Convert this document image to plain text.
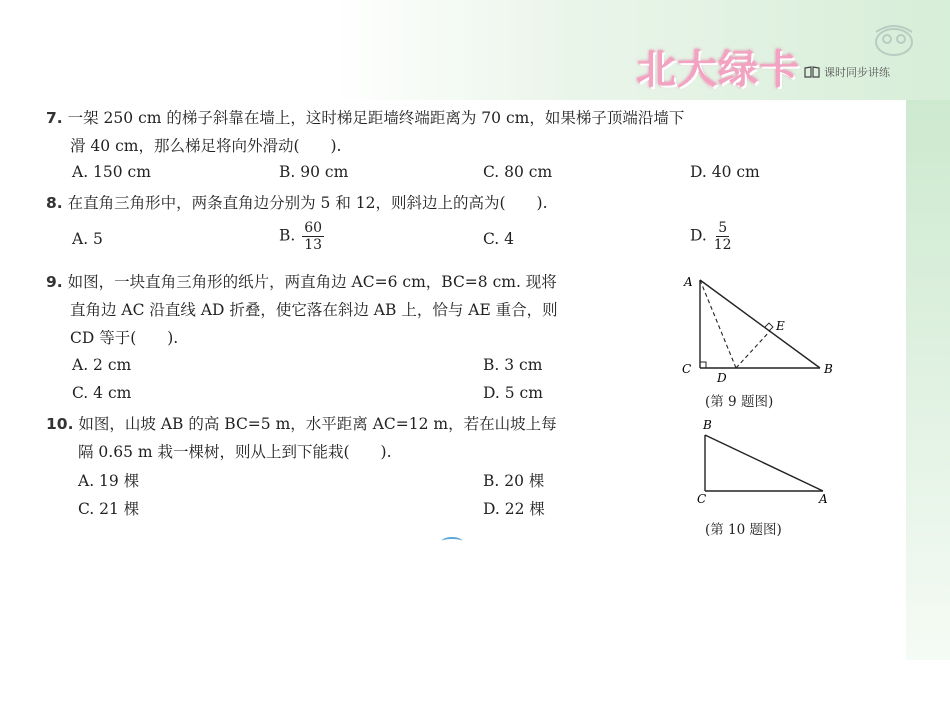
北大绿卡 课时同步讲练
7. 一架 250 cm 的梯子斜靠在墙上，这时梯足距墙终端距离为 70 cm，如果梯子顶端沿墙下
滑 40 cm，那么梯足将向外滑动(　　).
A. 150 cm	B. 90 cm	C. 80 cm	D. 40 cm
8. 在直角三角形中，两条直角边分别为 5 和 12，则斜边上的高为(　　).
A. 5	B. $\frac{60}{13}$	C. 4	D. $\frac{5}{12}$
9. 如图，一块直角三角形的纸片，两直角边 AC=6 cm，BC=8 cm. 现将
直角边 AC 沿直线 AD 折叠，使它落在斜边 AB 上，恰与 AE 重合，则
CD 等于(　　).
A. 2 cm	B. 3 cm
C. 4 cm	D. 5 cm
10. 如图，山坡 AB 的高 BC=5 m，水平距离 AC=12 m，若在山坡上每
隔 0.65 m 栽一棵树，则从上到下能栽(　　).
A. 19 棵	B. 20 棵
C. 21 棵	D. 22 棵
A
C
D
E
B
(第 9 题图)
B
C	A
(第 10 题图)
